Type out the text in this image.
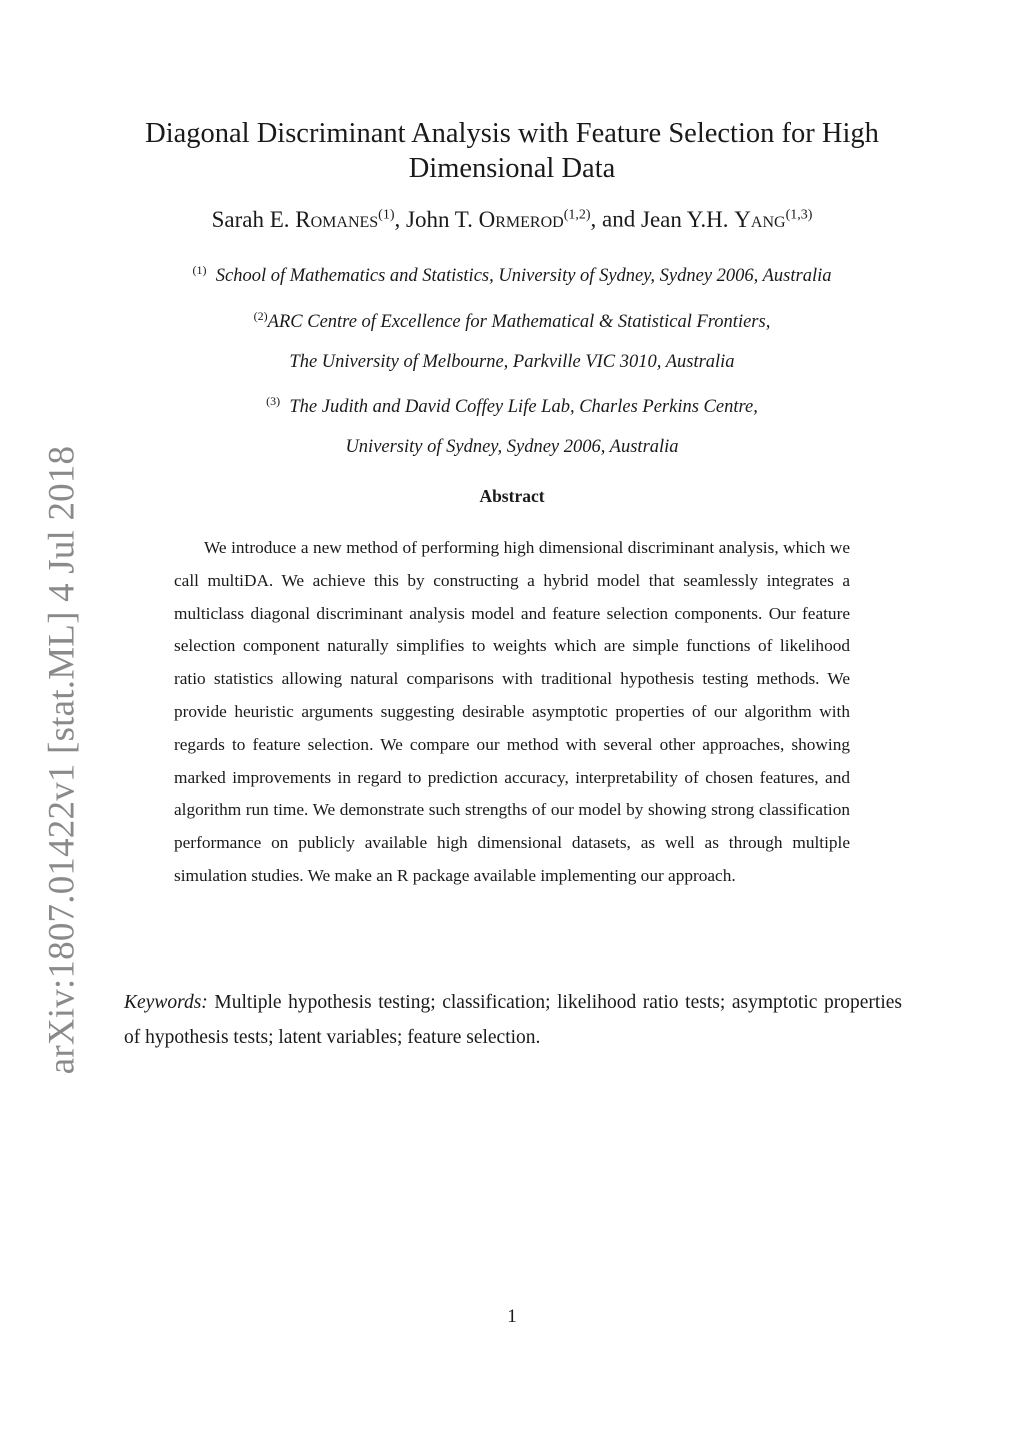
arXiv:1807.01422v1 [stat.ML] 4 Jul 2018
Diagonal Discriminant Analysis with Feature Selection for High Dimensional Data
Sarah E. Romanes$^{(1)}$, John T. Ormerod$^{(1,2)}$, and Jean Y.H. Yang$^{(1,3)}$
$^{(1)}$ School of Mathematics and Statistics, University of Sydney, Sydney 2006, Australia
$^{(2)}$ARC Centre of Excellence for Mathematical & Statistical Frontiers,
The University of Melbourne, Parkville VIC 3010, Australia
$^{(3)}$ The Judith and David Coffey Life Lab, Charles Perkins Centre,
University of Sydney, Sydney 2006, Australia
Abstract

We introduce a new method of performing high dimensional discriminant analysis, which we call multiDA. We achieve this by constructing a hybrid model that seamlessly integrates a multiclass diagonal discriminant analysis model and feature selection components. Our feature selection component naturally simplifies to weights which are simple functions of likelihood ratio statistics allowing natural comparisons with traditional hypothesis testing methods. We provide heuristic arguments suggesting desirable asymptotic properties of our algorithm with regards to feature selection. We compare our method with several other approaches, showing marked improvements in regard to prediction accuracy, interpretability of chosen features, and algorithm run time. We demonstrate such strengths of our model by showing strong classification performance on publicly available high dimensional datasets, as well as through multiple simulation studies. We make an R package available implementing our approach.

Keywords: Multiple hypothesis testing; classification; likelihood ratio tests; asymptotic properties of hypothesis tests; latent variables; feature selection.

1
